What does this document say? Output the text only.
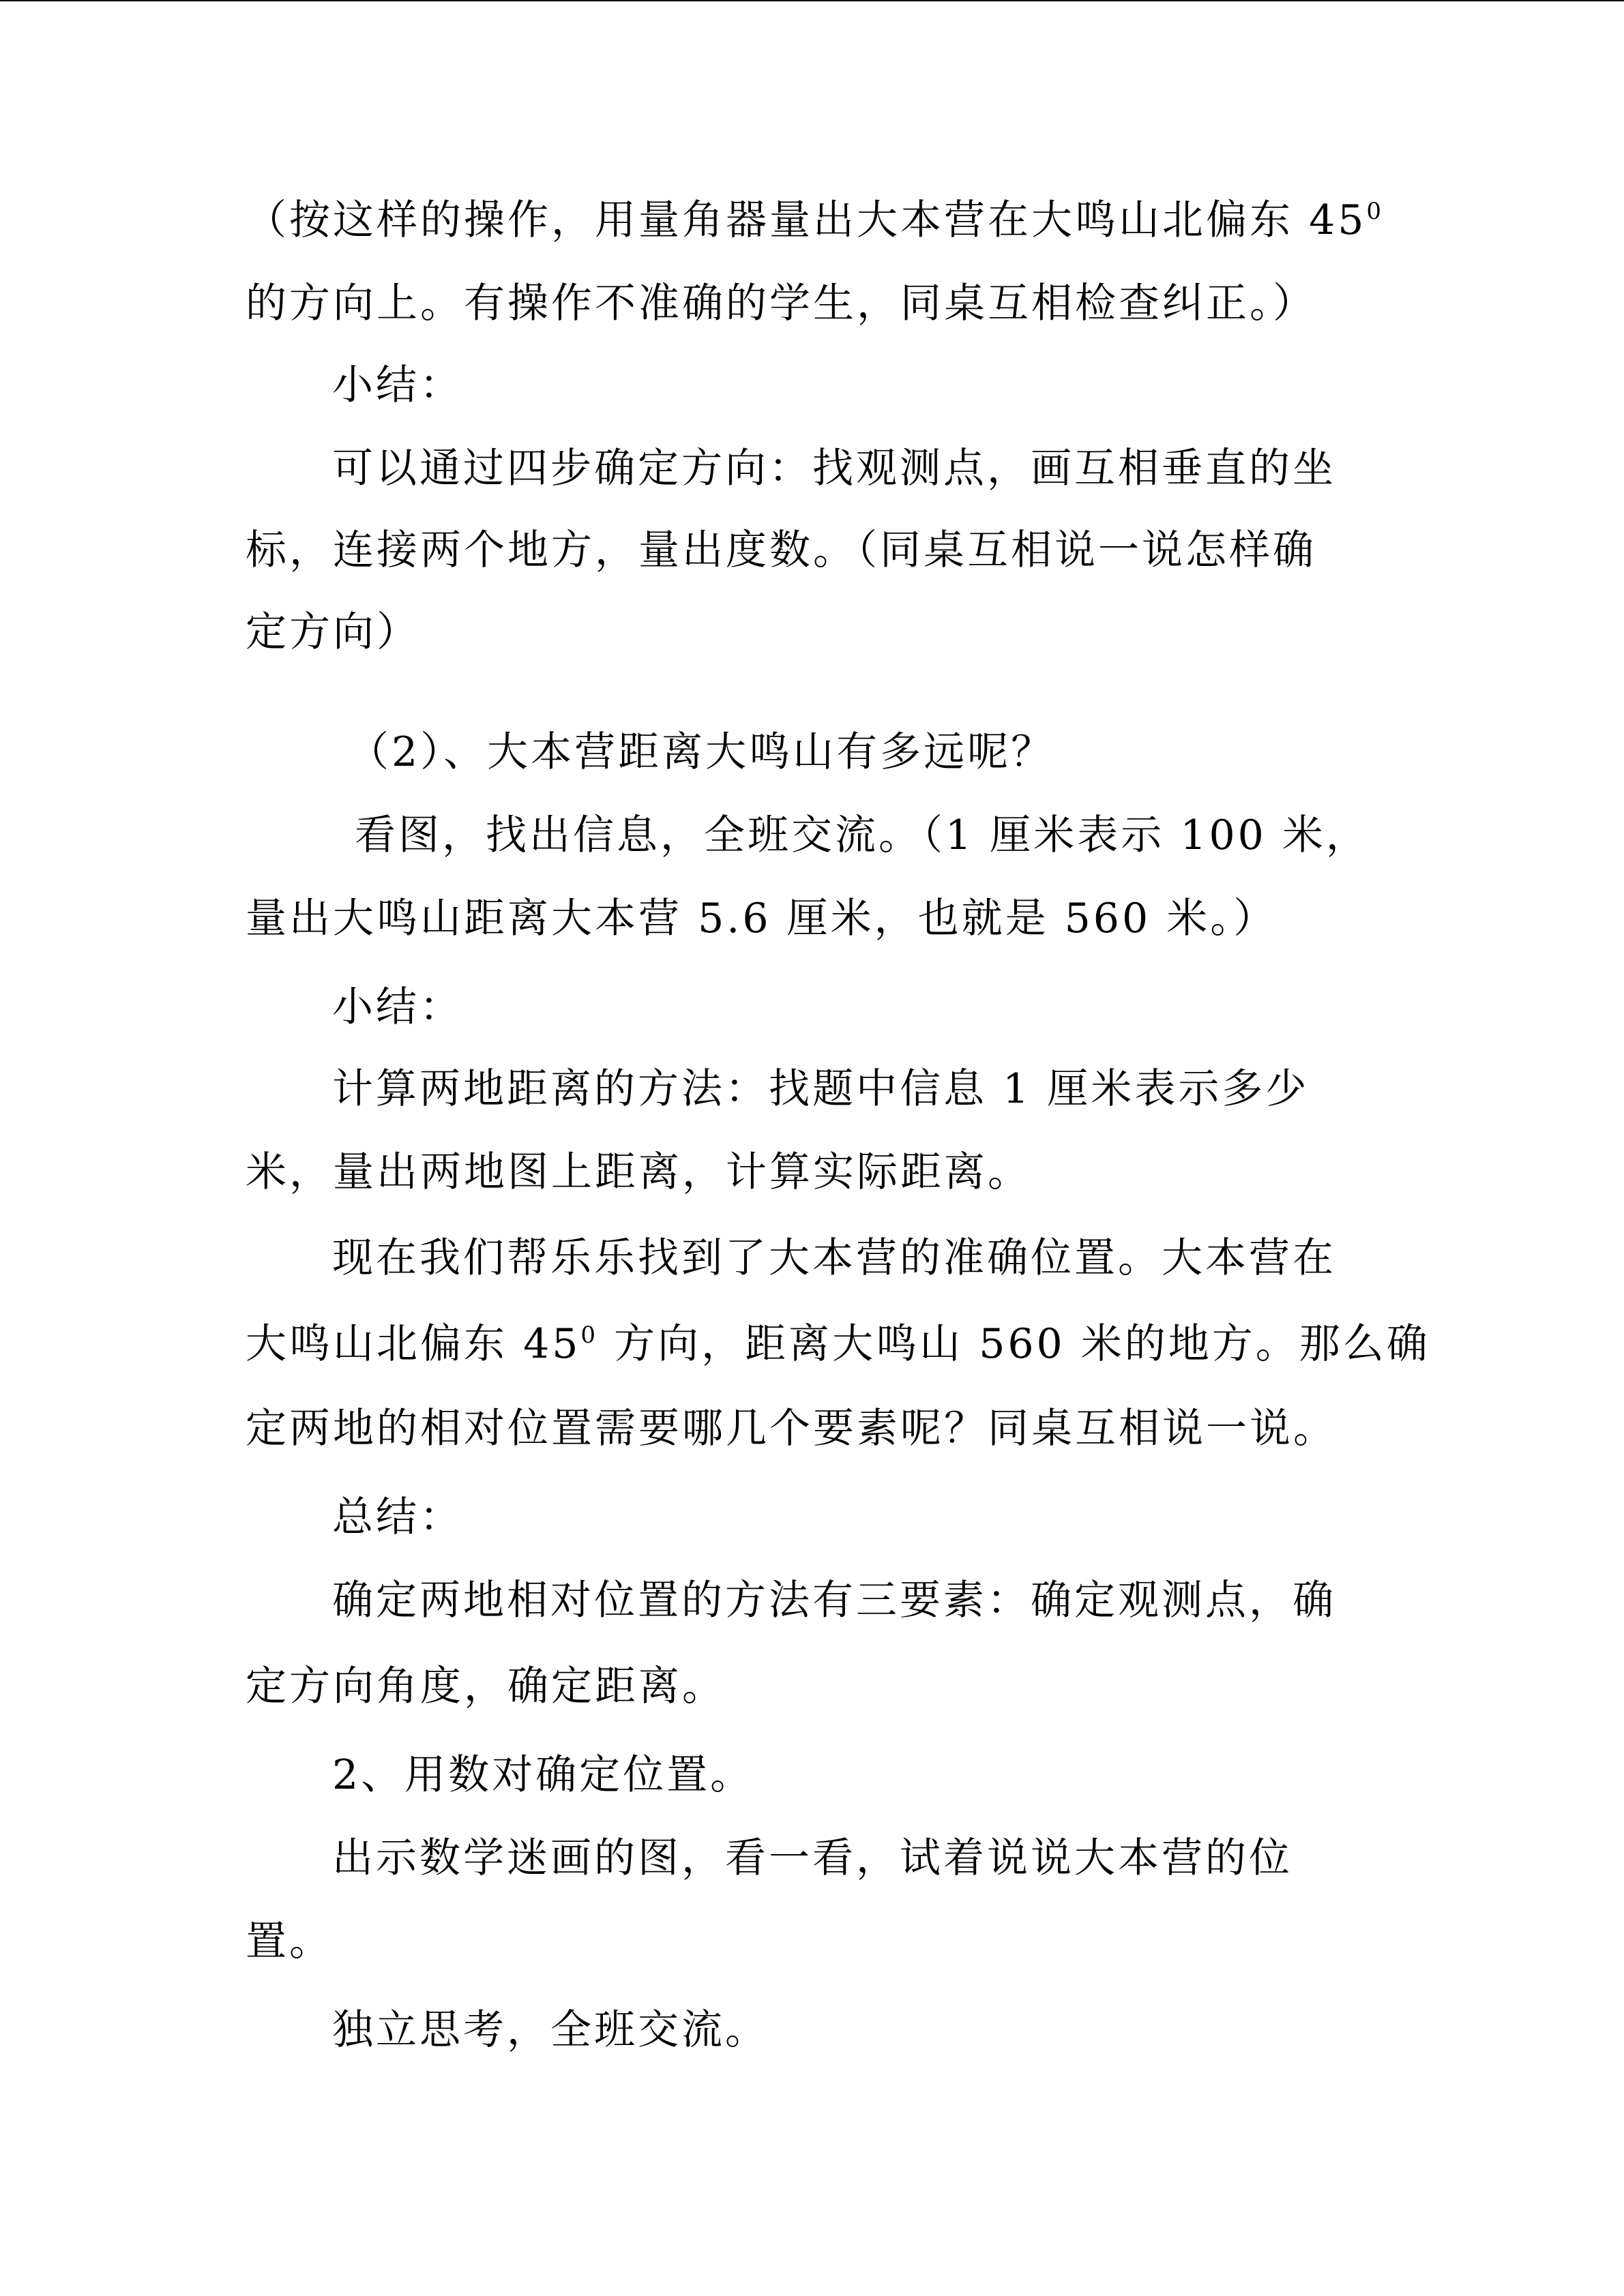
（按这样的操作，用量角器量出大本营在大鸣山北偏东 $45^0$

的方向上。有操作不准确的学生，同桌互相检查纠正。）

小结：

可以通过四步确定方向：找观测点，画互相垂直的坐

标，连接两个地方，量出度数。（同桌互相说一说怎样确

定方向）

（2）、大本营距离大鸣山有多远呢？

看图，找出信息，全班交流。（1 厘米表示 100 米，

量出大鸣山距离大本营 5.6 厘米，也就是 560 米。）

小结：

计算两地距离的方法：找题中信息 1 厘米表示多少

米，量出两地图上距离，计算实际距离。

现在我们帮乐乐找到了大本营的准确位置。大本营在

大鸣山北偏东 $45^0$ 方向，距离大鸣山 560 米的地方。那么确

定两地的相对位置需要哪几个要素呢？同桌互相说一说。

总结：

确定两地相对位置的方法有三要素：确定观测点，确

定方向角度，确定距离。

2、用数对确定位置。

出示数学迷画的图，看一看，试着说说大本营的位

置。

独立思考，全班交流。
